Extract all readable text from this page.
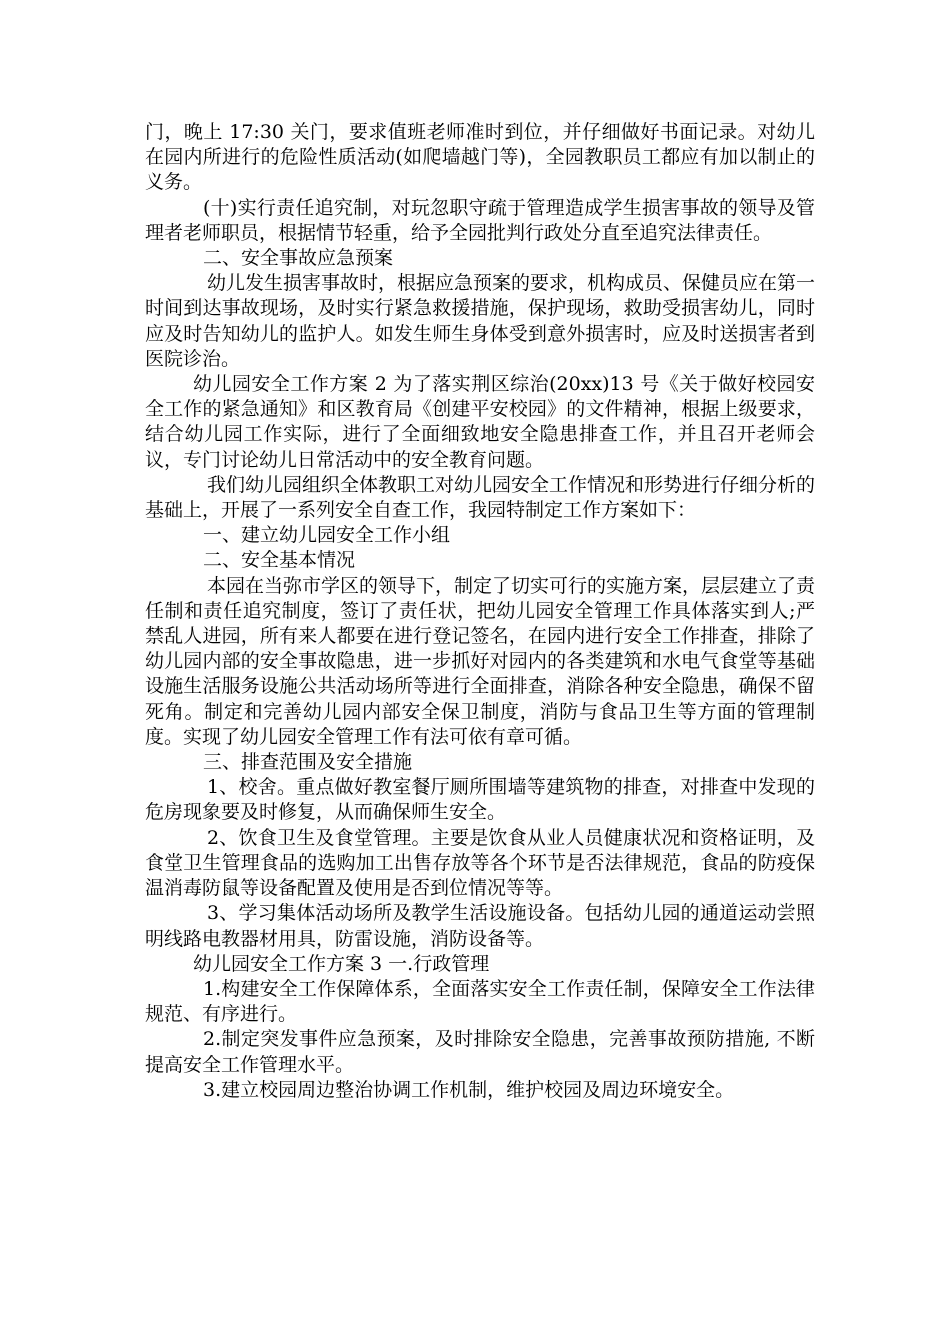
门，晚上 17:30 关门，要求值班老师准时到位，并仔细做好书面记录。对幼儿在园内所进行的危险性质活动(如爬墙越门等)，全园教职员工都应有加以制止的义务。

(十)实行责任追究制，对玩忽职守疏于管理造成学生损害事故的领导及管理者老师职员，根据情节轻重，给予全园批判行政处分直至追究法律责任。

二、安全事故应急预案

幼儿发生损害事故时，根据应急预案的要求，机构成员、保健员应在第一时间到达事故现场，及时实行紧急救援措施，保护现场，救助受损害幼儿，同时应及时告知幼儿的监护人。如发生师生身体受到意外损害时，应及时送损害者到医院诊治。

幼儿园安全工作方案 2 为了落实荆区综治(20xx)13 号《关于做好校园安全工作的紧急通知》和区教育局《创建平安校园》的文件精神，根据上级要求，结合幼儿园工作实际，进行了全面细致地安全隐患排查工作，并且召开老师会议，专门讨论幼儿日常活动中的安全教育问题。

我们幼儿园组织全体教职工对幼儿园安全工作情况和形势进行仔细分析的基础上，开展了一系列安全自查工作，我园特制定工作方案如下：

一、建立幼儿园安全工作小组

二、安全基本情况

本园在当弥市学区的领导下，制定了切实可行的实施方案，层层建立了责任制和责任追究制度，签订了责任状，把幼儿园安全管理工作具体落实到人;严禁乱人进园，所有来人都要在进行登记签名，在园内进行安全工作排查，排除了幼儿园内部的安全事故隐患，进一步抓好对园内的各类建筑和水电气食堂等基础设施生活服务设施公共活动场所等进行全面排查，消除各种安全隐患，确保不留死角。制定和完善幼儿园内部安全保卫制度，消防与食品卫生等方面的管理制度。实现了幼儿园安全管理工作有法可依有章可循。

三、排查范围及安全措施

1、校舍。重点做好教室餐厅厕所围墙等建筑物的排查，对排查中发现的危房现象要及时修复，从而确保师生安全。

2、饮食卫生及食堂管理。主要是饮食从业人员健康状况和资格证明，及食堂卫生管理食品的选购加工出售存放等各个环节是否法律规范，食品的防疫保温消毒防鼠等设备配置及使用是否到位情况等等。

3、学习集体活动场所及教学生活设施设备。包括幼儿园的通道运动尝照明线路电教器材用具，防雷设施，消防设备等。

幼儿园安全工作方案 3 一.行政管理

1.构建安全工作保障体系，全面落实安全工作责任制，保障安全工作法律规范、有序进行。

2.制定突发事件应急预案，及时排除安全隐患，完善事故预防措施, 不断提高安全工作管理水平。

3.建立校园周边整治协调工作机制，维护校园及周边环境安全。
